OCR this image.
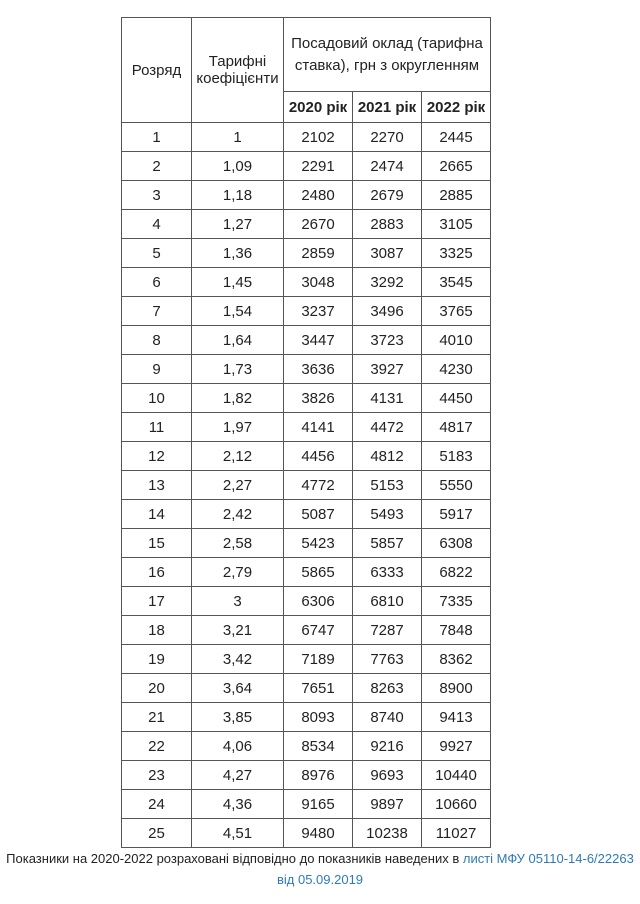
Розряд	Тарифні коефіцієнти	Посадовий оклад (тарифна ставка), грн з округленням		
		2020 рік	2021 рік	2022 рік
1	1	2102	2270	2445
2	1,09	2291	2474	2665
3	1,18	2480	2679	2885
4	1,27	2670	2883	3105
5	1,36	2859	3087	3325
6	1,45	3048	3292	3545
7	1,54	3237	3496	3765
8	1,64	3447	3723	4010
9	1,73	3636	3927	4230
10	1,82	3826	4131	4450
11	1,97	4141	4472	4817
12	2,12	4456	4812	5183
13	2,27	4772	5153	5550
14	2,42	5087	5493	5917
15	2,58	5423	5857	6308
16	2,79	5865	6333	6822
17	3	6306	6810	7335
18	3,21	6747	7287	7848
19	3,42	7189	7763	8362
20	3,64	7651	8263	8900
21	3,85	8093	8740	9413
22	4,06	8534	9216	9927
23	4,27	8976	9693	10440
24	4,36	9165	9897	10660
25	4,51	9480	10238	11027
Показники на 2020-2022 розраховані відповідно до показників наведених в листі МФУ 05110-14-6/22263 від 05.09.2019
